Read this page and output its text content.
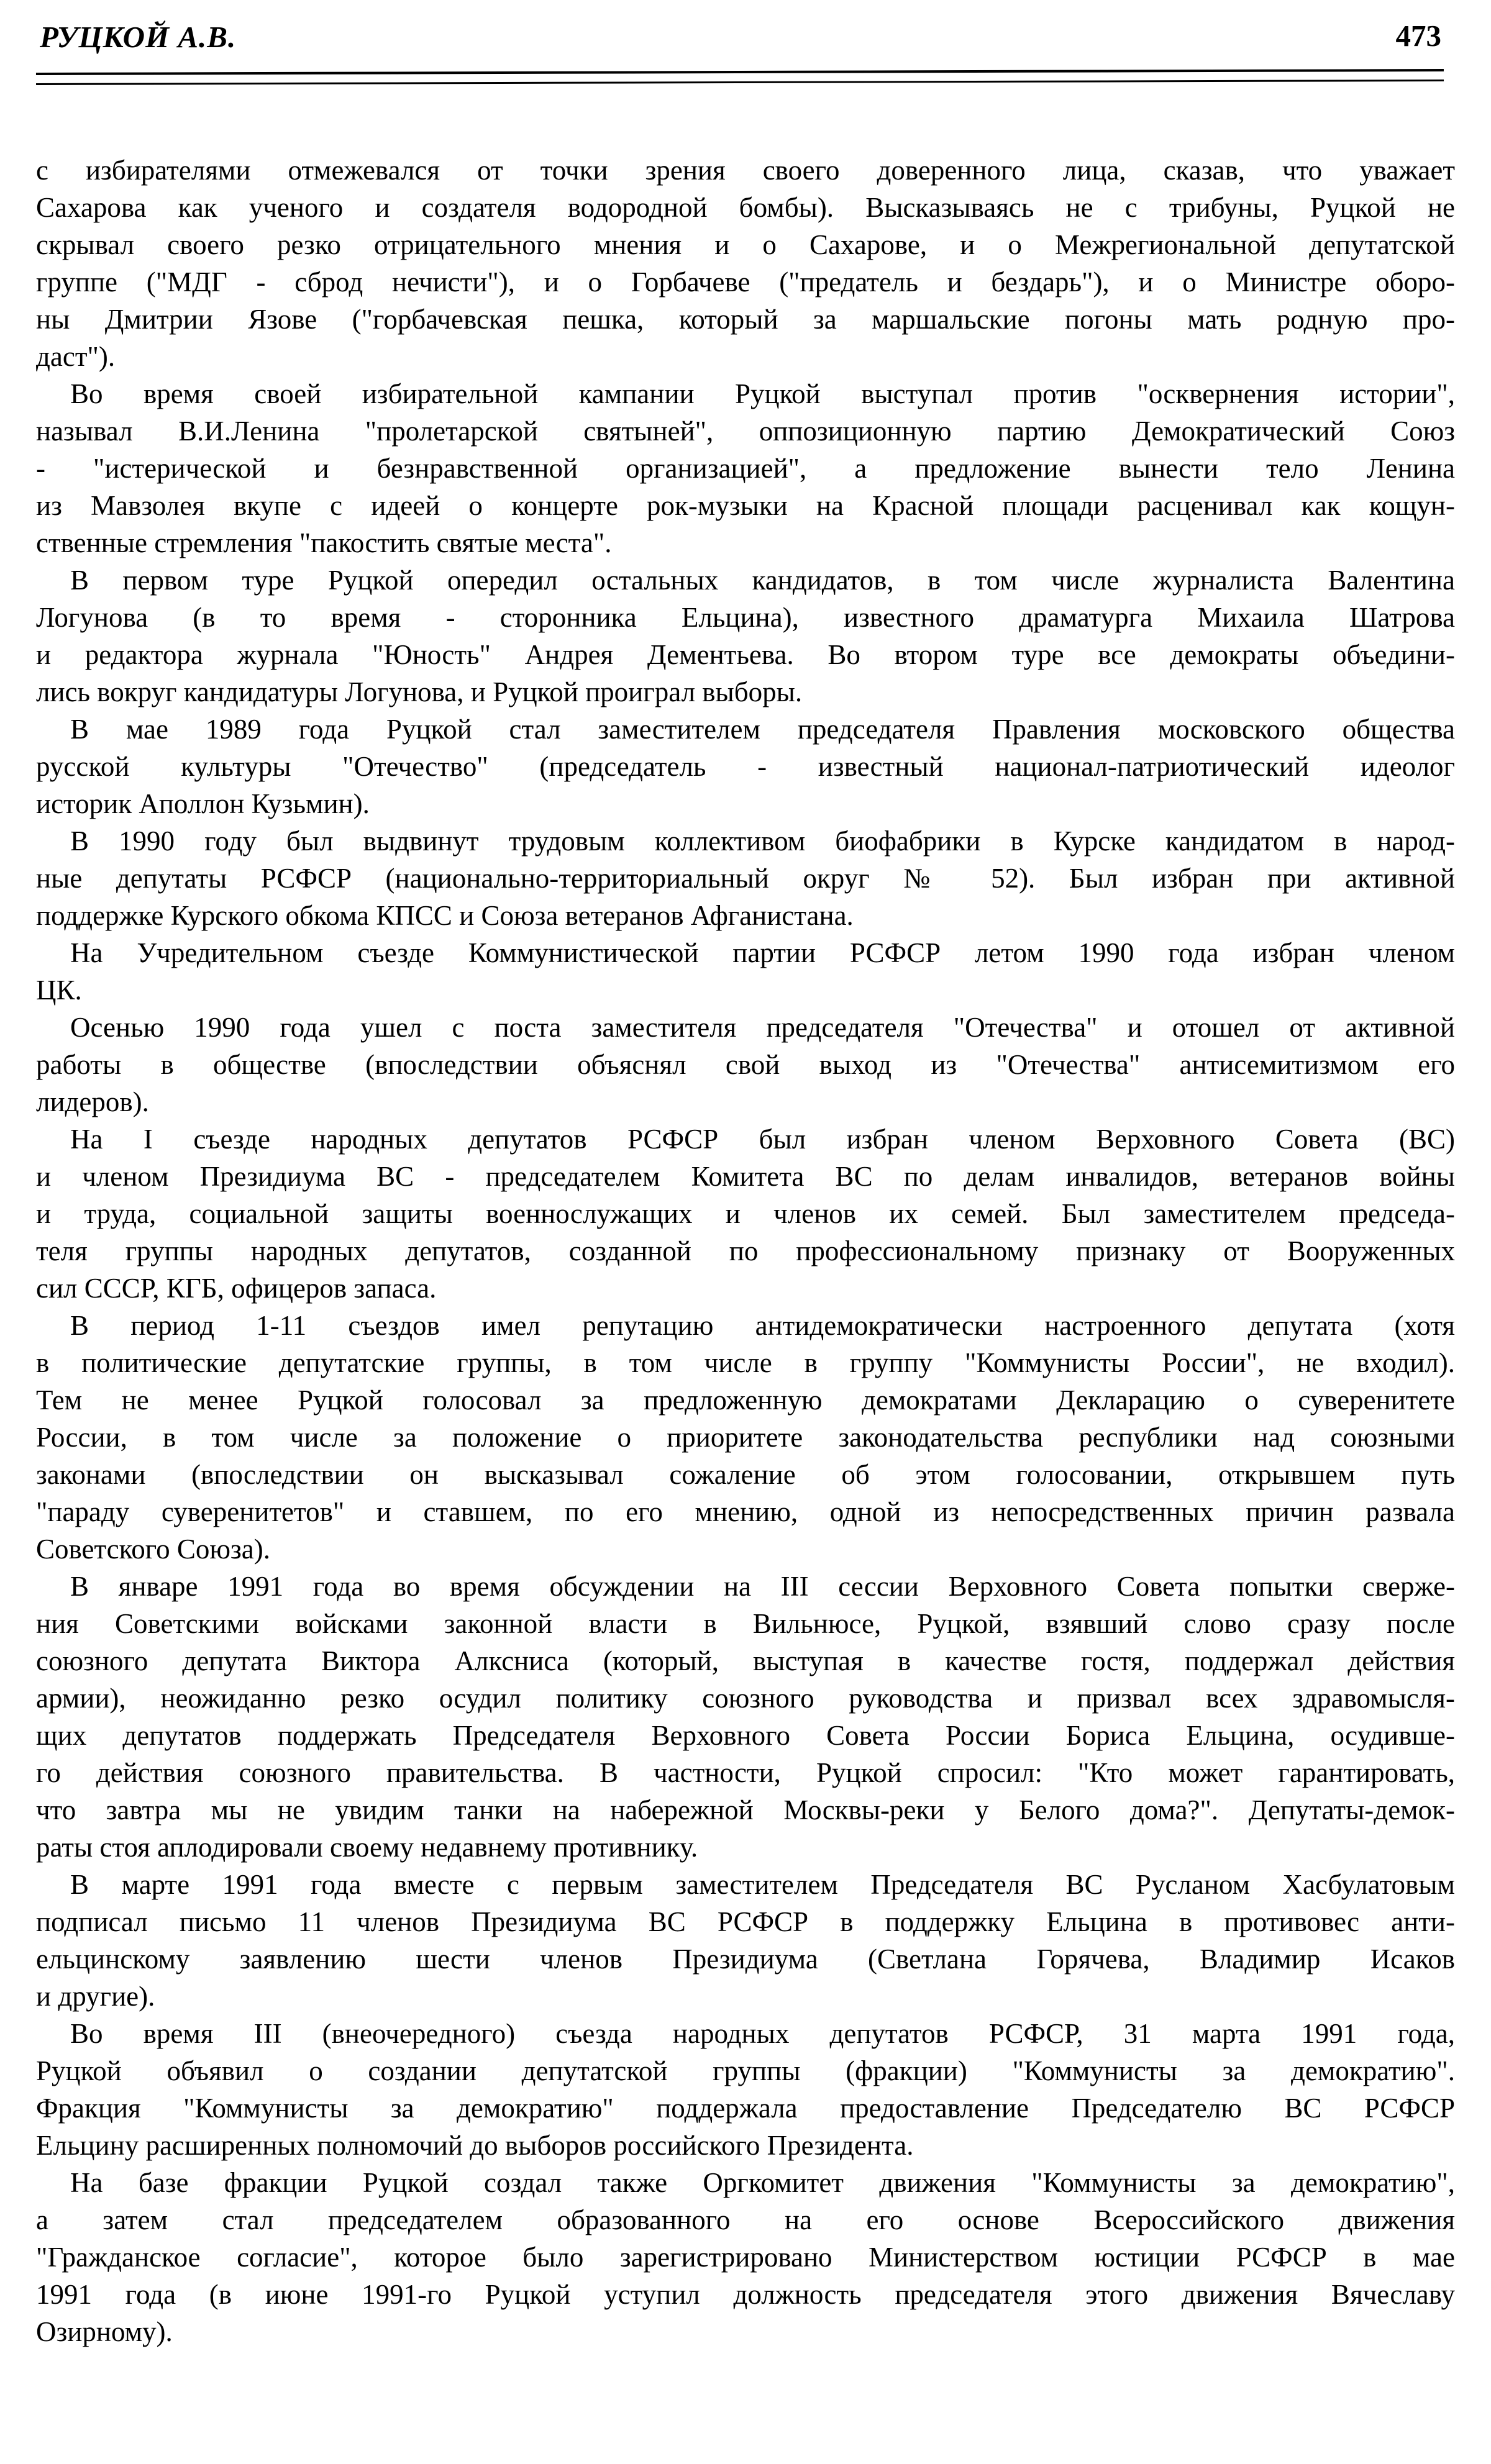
РУЦКОЙ А.В.	473
с избирателями отмежевался от точки зрения своего доверенного лица, сказав, что уважает
Сахарова как ученого и создателя водородной бомбы). Высказываясь не с трибуны, Руцкой не
скрывал своего резко отрицательного мнения и о Сахарове, и о Межрегиональной депутатской
группе ("МДГ - сброд нечисти"), и о Горбачеве ("предатель и бездарь"), и о Министре оборо-
ны Дмитрии Язове ("горбачевская пешка, который за маршальские погоны мать родную про-
даст").
Во время своей избирательной кампании Руцкой выступал против "осквернения истории",
называл В.И.Ленина "пролетарской святыней", оппозиционную партию Демократический Союз
- "истерической и безнравственной организацией", а предложение вынести тело Ленина
из Мавзолея вкупе с идеей о концерте рок-музыки на Красной площади расценивал как кощун-
ственные стремления "пакостить святые места".
В первом туре Руцкой опередил остальных кандидатов, в том числе журналиста Валентина
Логунова (в то время - сторонника Ельцина), известного драматурга Михаила Шатрова
и редактора журнала "Юность" Андрея Дементьева. Во втором туре все демократы объедини-
лись вокруг кандидатуры Логунова, и Руцкой проиграл выборы.
В мае 1989 года Руцкой стал заместителем председателя Правления московского общества
русской культуры "Отечество" (председатель - известный национал-патриотический идеолог
историк Аполлон Кузьмин).
В 1990 году был выдвинут трудовым коллективом биофабрики в Курске кандидатом в народ-
ные депутаты РСФСР (национально-территориальный округ № 52). Был избран при активной
поддержке Курского обкома КПСС и Союза ветеранов Афганистана.
На Учредительном съезде Коммунистической партии РСФСР летом 1990 года избран членом
ЦК.
Осенью 1990 года ушел с поста заместителя председателя "Отечества" и отошел от активной
работы в обществе (впоследствии объяснял свой выход из "Отечества" антисемитизмом его
лидеров).
На I съезде народных депутатов РСФСР был избран членом Верховного Совета (ВС)
и членом Президиума ВС - председателем Комитета ВС по делам инвалидов, ветеранов войны
и труда, социальной защиты военнослужащих и членов их семей. Был заместителем председа-
теля группы народных депутатов, созданной по профессиональному признаку от Вооруженных
сил СССР, КГБ, офицеров запаса.
В период 1-11 съездов имел репутацию антидемократически настроенного депутата (хотя
в политические депутатские группы, в том числе в группу "Коммунисты России", не входил).
Тем не менее Руцкой голосовал за предложенную демократами Декларацию о суверенитете
России, в том числе за положение о приоритете законодательства республики над союзными
законами (впоследствии он высказывал сожаление об этом голосовании, открывшем путь
"параду суверенитетов" и ставшем, по его мнению, одной из непосредственных причин развала
Советского Союза).
В январе 1991 года во время обсуждении на III сессии Верховного Совета попытки сверже-
ния Советскими войсками законной власти в Вильнюсе, Руцкой, взявший слово сразу после
союзного депутата Виктора Алксниса (который, выступая в качестве гостя, поддержал действия
армии), неожиданно резко осудил политику союзного руководства и призвал всех здравомысля-
щих депутатов поддержать Председателя Верховного Совета России Бориса Ельцина, осудивше-
го действия союзного правительства. В частности, Руцкой спросил: "Кто может гарантировать,
что завтра мы не увидим танки на набережной Москвы-реки у Белого дома?". Депутаты-демок-
раты стоя аплодировали своему недавнему противнику.
В марте 1991 года вместе с первым заместителем Председателя ВС Русланом Хасбулатовым
подписал письмо 11 членов Президиума ВС РСФСР в поддержку Ельцина в противовес анти-
ельцинскому заявлению шести членов Президиума (Светлана Горячева, Владимир Исаков
и другие).
Во время III (внеочередного) съезда народных депутатов РСФСР, 31 марта 1991 года,
Руцкой объявил о создании депутатской группы (фракции) "Коммунисты за демократию".
Фракция "Коммунисты за демократию" поддержала предоставление Председателю ВС РСФСР
Ельцину расширенных полномочий до выборов российского Президента.
На базе фракции Руцкой создал также Оргкомитет движения "Коммунисты за демократию",
а затем стал председателем образованного на его основе Всероссийского движения
"Гражданское согласие", которое было зарегистрировано Министерством юстиции РСФСР в мае
1991 года (в июне 1991-го Руцкой уступил должность председателя этого движения Вячеславу
Озирному).
